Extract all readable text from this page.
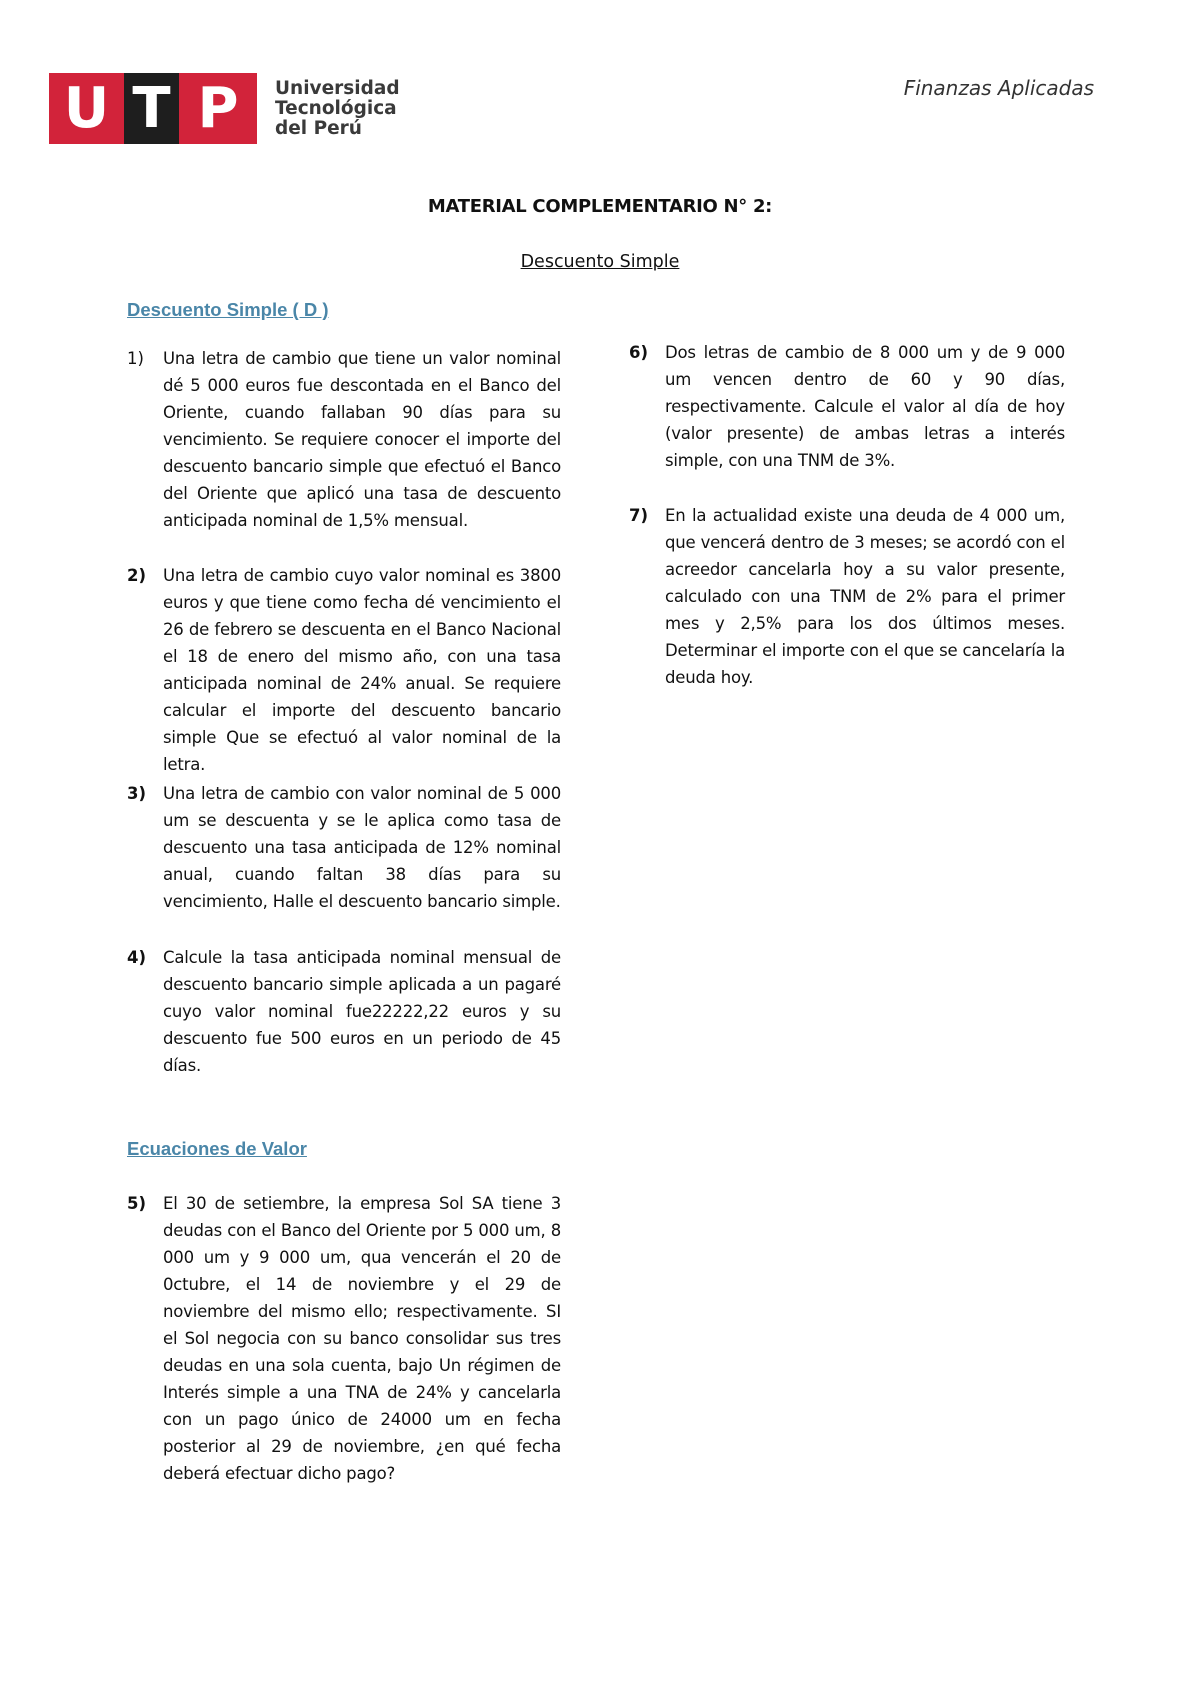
U T P	Universidad
Tecnológica
del Perú
Finanzas Aplicadas
MATERIAL COMPLEMENTARIO N° 2:
Descuento Simple
Descuento Simple ( D )
Ecuaciones de Valor
1)	Una letra de cambio que tiene un valor nominal dé 5 000 euros fue descontada en el Banco del Oriente, cuando fallaban 90 días para su vencimiento. Se requiere conocer el importe del descuento bancario simple que efectuó el Banco del Oriente que aplicó una tasa de descuento anticipada nominal de 1,5% mensual.
2)	Una letra de cambio cuyo valor nominal es 3800 euros y que tiene como fecha dé vencimiento el 26 de febrero se descuenta en el Banco Nacional el 18 de enero del mismo año, con una tasa anticipada nominal de 24% anual. Se requiere calcular el importe del descuento bancario simple Que se efectuó al valor nominal de la letra.
3)	Una letra de cambio con valor nominal de 5 000 um se descuenta y se le aplica como tasa de descuento una tasa anticipada de 12% nominal anual, cuando faltan 38 días para su vencimiento, Halle el descuento bancario simple.
4)	Calcule la tasa anticipada nominal mensual de descuento bancario simple aplicada a un pagaré cuyo valor nominal fue22222,22 euros y su descuento fue 500 euros en un periodo de 45 días.
5)	El 30 de setiembre, la empresa Sol SA tiene 3 deudas con el Banco del Oriente por 5 000 um, 8 000 um y 9 000 um, qua vencerán el 20 de 0ctubre, el 14 de noviembre y el 29 de noviembre del mismo ello; respectivamente. SI el Sol negocia con su banco consolidar sus tres deudas en una sola cuenta, bajo Un régimen de Interés simple a una TNA de 24% y cancelarla con un pago único de 24000 um en fecha posterior al 29 de noviembre, ¿en qué fecha deberá efectuar dicho pago?
6)	Dos letras de cambio de 8 000 um y de 9 000 um vencen dentro de 60 y 90 días, respectivamente. Calcule el valor al día de hoy (valor presente) de ambas letras a interés simple, con una TNM de 3%.
7)	En la actualidad existe una deuda de 4 000 um, que vencerá dentro de 3 meses; se acordó con el acreedor cancelarla hoy a su valor presente, calculado con una TNM de 2% para el primer mes y 2,5% para los dos últimos meses. Determinar el importe con el que se cancelaría la deuda hoy.
